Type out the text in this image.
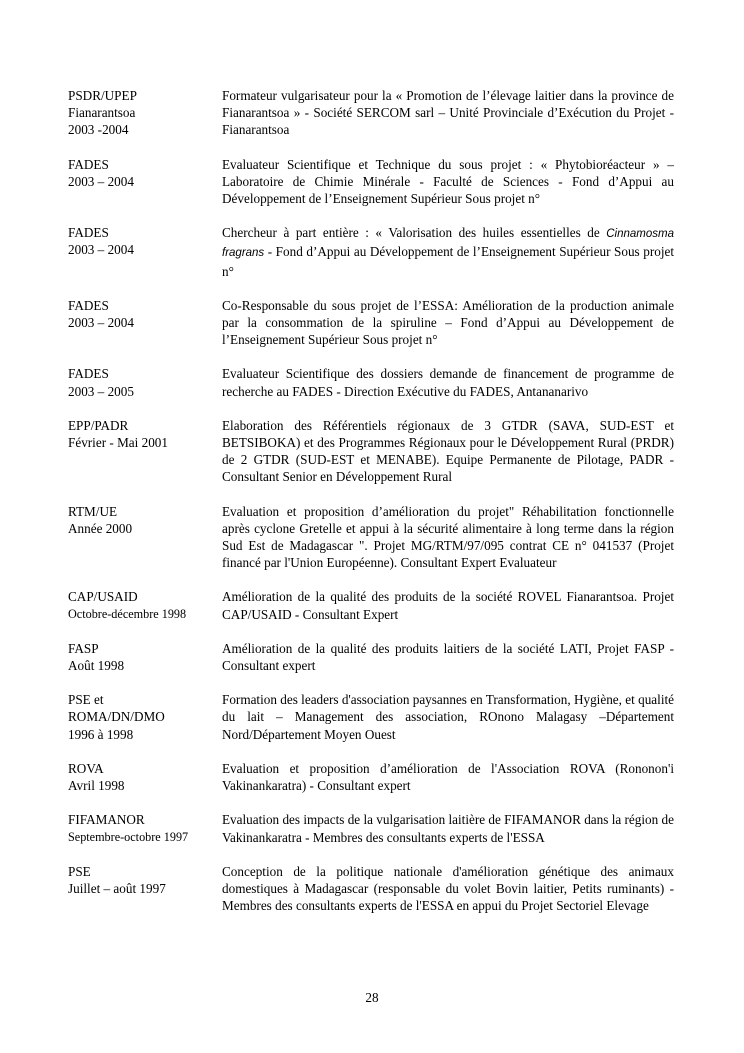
PSDR/UPEP
Fianarantsoa
2003 -2004
Formateur vulgarisateur pour la « Promotion de l’élevage laitier dans la province de Fianarantsoa » - Société SERCOM sarl – Unité Provinciale d’Exécution du Projet - Fianarantsoa
FADES
2003 – 2004
Evaluateur Scientifique et Technique du sous projet : « Phytobioréacteur » –Laboratoire de Chimie Minérale - Faculté de Sciences - Fond d’Appui au Développement de l’Enseignement Supérieur Sous projet n°
FADES
2003 – 2004
Chercheur à part entière : « Valorisation des huiles essentielles de Cinnamosma fragrans - Fond d’Appui au Développement de l’Enseignement Supérieur Sous projet n°
FADES
2003 – 2004
Co-Responsable du sous projet de l’ESSA: Amélioration de la production animale par la consommation de la spiruline – Fond d’Appui au Développement de l’Enseignement Supérieur Sous projet n°
FADES
2003 – 2005
Evaluateur Scientifique des dossiers demande de financement de programme de recherche au FADES - Direction Exécutive du FADES, Antananarivo
EPP/PADR
Février - Mai 2001
Elaboration des Référentiels régionaux de 3 GTDR (SAVA, SUD-EST et BETSIBOKA) et des Programmes Régionaux pour le Développement Rural (PRDR) de 2 GTDR (SUD-EST et MENABE). Equipe Permanente de Pilotage, PADR - Consultant Senior en Développement Rural
RTM/UE
Année 2000
Evaluation et proposition d’amélioration du projet" Réhabilitation fonctionnelle après cyclone Gretelle et appui à la sécurité alimentaire à long terme dans la région Sud Est de Madagascar ". Projet MG/RTM/97/095 contrat CE n° 041537 (Projet financé par l'Union Européenne). Consultant Expert Evaluateur
CAP/USAID
Octobre-décembre 1998
Amélioration de la qualité des produits de la société ROVEL Fianarantsoa. Projet CAP/USAID - Consultant Expert
FASP
Août 1998
Amélioration de la qualité des produits laitiers de la société LATI, Projet FASP - Consultant expert
PSE et
ROMA/DN/DMO
1996 à 1998
Formation des leaders d'association paysannes en Transformation, Hygiène, et qualité du lait – Management des association, ROnono Malagasy –Département Nord/Département Moyen Ouest
ROVA
Avril 1998
Evaluation et proposition d’amélioration de l'Association ROVA (Rononon'i Vakinankaratra) - Consultant expert
FIFAMANOR
Septembre-octobre 1997
Evaluation des impacts de la vulgarisation laitière de FIFAMANOR dans la région de Vakinankaratra - Membres des consultants experts de l'ESSA
PSE
Juillet – août 1997
Conception de la politique nationale d'amélioration génétique des animaux domestiques à Madagascar (responsable du volet Bovin laitier, Petits ruminants) - Membres des consultants experts de l'ESSA en appui du Projet Sectoriel Elevage
28
